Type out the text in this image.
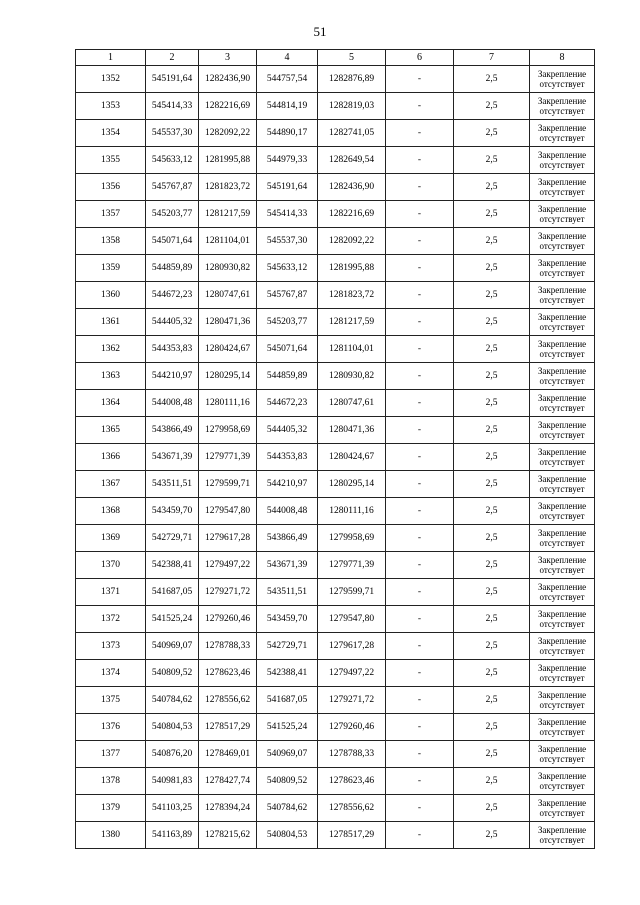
51
1	2	3	4	5	6	7	8
1352	545191,64	1282436,90	544757,54	1282876,89	-	2,5	Закрепление отсутствует
1353	545414,33	1282216,69	544814,19	1282819,03	-	2,5	Закрепление отсутствует
1354	545537,30	1282092,22	544890,17	1282741,05	-	2,5	Закрепление отсутствует
1355	545633,12	1281995,88	544979,33	1282649,54	-	2,5	Закрепление отсутствует
1356	545767,87	1281823,72	545191,64	1282436,90	-	2,5	Закрепление отсутствует
1357	545203,77	1281217,59	545414,33	1282216,69	-	2,5	Закрепление отсутствует
1358	545071,64	1281104,01	545537,30	1282092,22	-	2,5	Закрепление отсутствует
1359	544859,89	1280930,82	545633,12	1281995,88	-	2,5	Закрепление отсутствует
1360	544672,23	1280747,61	545767,87	1281823,72	-	2,5	Закрепление отсутствует
1361	544405,32	1280471,36	545203,77	1281217,59	-	2,5	Закрепление отсутствует
1362	544353,83	1280424,67	545071,64	1281104,01	-	2,5	Закрепление отсутствует
1363	544210,97	1280295,14	544859,89	1280930,82	-	2,5	Закрепление отсутствует
1364	544008,48	1280111,16	544672,23	1280747,61	-	2,5	Закрепление отсутствует
1365	543866,49	1279958,69	544405,32	1280471,36	-	2,5	Закрепление отсутствует
1366	543671,39	1279771,39	544353,83	1280424,67	-	2,5	Закрепление отсутствует
1367	543511,51	1279599,71	544210,97	1280295,14	-	2,5	Закрепление отсутствует
1368	543459,70	1279547,80	544008,48	1280111,16	-	2,5	Закрепление отсутствует
1369	542729,71	1279617,28	543866,49	1279958,69	-	2,5	Закрепление отсутствует
1370	542388,41	1279497,22	543671,39	1279771,39	-	2,5	Закрепление отсутствует
1371	541687,05	1279271,72	543511,51	1279599,71	-	2,5	Закрепление отсутствует
1372	541525,24	1279260,46	543459,70	1279547,80	-	2,5	Закрепление отсутствует
1373	540969,07	1278788,33	542729,71	1279617,28	-	2,5	Закрепление отсутствует
1374	540809,52	1278623,46	542388,41	1279497,22	-	2,5	Закрепление отсутствует
1375	540784,62	1278556,62	541687,05	1279271,72	-	2,5	Закрепление отсутствует
1376	540804,53	1278517,29	541525,24	1279260,46	-	2,5	Закрепление отсутствует
1377	540876,20	1278469,01	540969,07	1278788,33	-	2,5	Закрепление отсутствует
1378	540981,83	1278427,74	540809,52	1278623,46	-	2,5	Закрепление отсутствует
1379	541103,25	1278394,24	540784,62	1278556,62	-	2,5	Закрепление отсутствует
1380	541163,89	1278215,62	540804,53	1278517,29	-	2,5	Закрепление отсутствует
